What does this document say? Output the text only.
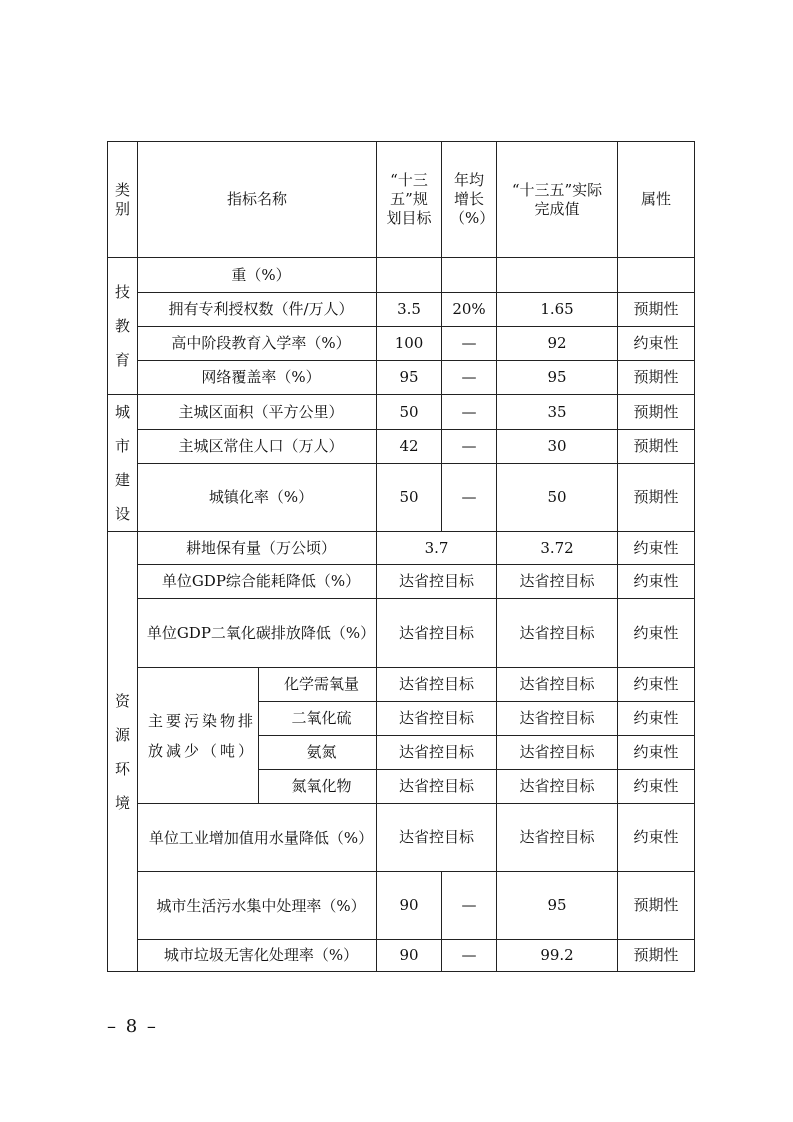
类别	指标名称		“十三五”规划目标	年均增长（%）	“十三五”实际完成值	属性

技
教
育	重（%）					
	拥有专利授权数（件/万人）		3.5	20%	1.65	预期性
	高中阶段教育入学率（%）		100	—	92	约束性
	网络覆盖率（%）		95	—	95	预期性

城
市
建
设	主城区面积（平方公里）		50	—	35	预期性
	主城区常住人口（万人）		42	—	30	预期性
	城镇化率（%）		50	—	50	预期性

资
源
环
境	耕地保有量（万公顷）		3.7		3.72	约束性
	单位GDP综合能耗降低（%）		达省控目标		达省控目标	约束性
	单位GDP二氧化碳排放降低（%）		达省控目标		达省控目标	约束性
	主要污染物排放减少（吨）	化学需氧量	达省控目标		达省控目标	约束性
		二氧化硫	达省控目标		达省控目标	约束性
		氨氮	达省控目标		达省控目标	约束性
		氮氧化物	达省控目标		达省控目标	约束性
	单位工业增加值用水量降低（%）		达省控目标		达省控目标	约束性
	城市生活污水集中处理率（%）		90	—	95	预期性
	城市垃圾无害化处理率（%）		90	—	99.2	预期性
– 8 –
